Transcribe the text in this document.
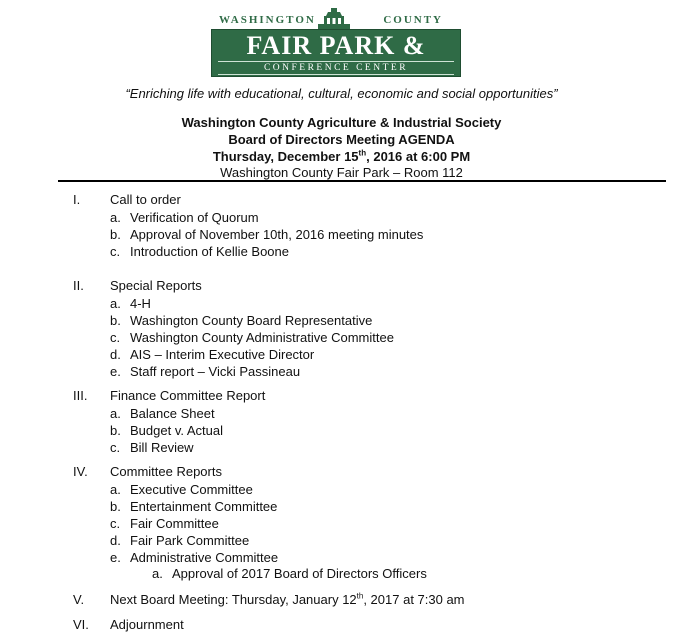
WASHINGTON	COUNTY
FAIR PARK &
CONFERENCE CENTER
“Enriching life with educational, cultural, economic and social opportunities”
Washington County Agriculture & Industrial Society
Board of Directors Meeting AGENDA
Thursday, December 15th, 2016 at 6:00 PM
Washington County Fair Park – Room 112
I. Call to order
a. Verification of Quorum
b. Approval of November 10th, 2016 meeting minutes
c. Introduction of Kellie Boone
II. Special Reports
a. 4-H
b. Washington County Board Representative
c. Washington County Administrative Committee
d. AIS – Interim Executive Director
e. Staff report – Vicki Passineau
III. Finance Committee Report
a. Balance Sheet
b. Budget v. Actual
c. Bill Review
IV. Committee Reports
a. Executive Committee
b. Entertainment Committee
c. Fair Committee
d. Fair Park Committee
e. Administrative Committee
a. Approval of 2017 Board of Directors Officers
V. Next Board Meeting: Thursday, January 12th, 2017 at 7:30 am
VI. Adjournment
